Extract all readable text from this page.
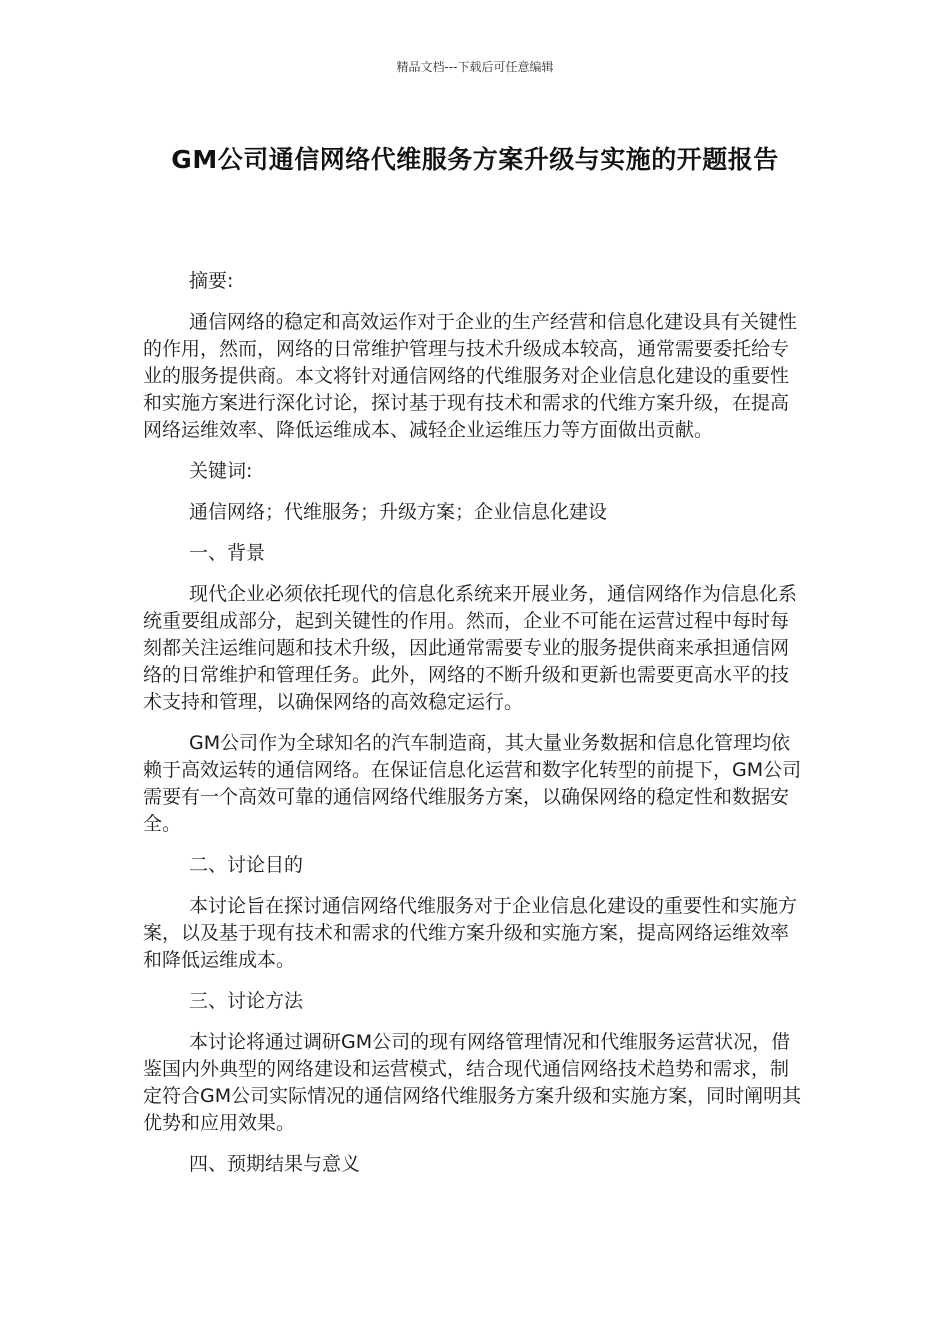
精品文档---下载后可任意编辑
GM公司通信网络代维服务方案升级与实施的开题报告

摘要:

通信网络的稳定和高效运作对于企业的生产经营和信息化建设具有关键性的作用，然而，网络的日常维护管理与技术升级成本较高，通常需要委托给专业的服务提供商。本文将针对通信网络的代维服务对企业信息化建设的重要性和实施方案进行深化讨论，探讨基于现有技术和需求的代维方案升级，在提高网络运维效率、降低运维成本、减轻企业运维压力等方面做出贡献。

关键词:

通信网络；代维服务；升级方案；企业信息化建设

一、背景

现代企业必须依托现代的信息化系统来开展业务，通信网络作为信息化系统重要组成部分，起到关键性的作用。然而，企业不可能在运营过程中每时每刻都关注运维问题和技术升级，因此通常需要专业的服务提供商来承担通信网络的日常维护和管理任务。此外，网络的不断升级和更新也需要更高水平的技术支持和管理，以确保网络的高效稳定运行。

GM公司作为全球知名的汽车制造商，其大量业务数据和信息化管理均依赖于高效运转的通信网络。在保证信息化运营和数字化转型的前提下，GM公司需要有一个高效可靠的通信网络代维服务方案，以确保网络的稳定性和数据安全。

二、讨论目的

本讨论旨在探讨通信网络代维服务对于企业信息化建设的重要性和实施方案，以及基于现有技术和需求的代维方案升级和实施方案，提高网络运维效率和降低运维成本。

三、讨论方法

本讨论将通过调研GM公司的现有网络管理情况和代维服务运营状况，借鉴国内外典型的网络建设和运营模式，结合现代通信网络技术趋势和需求，制定符合GM公司实际情况的通信网络代维服务方案升级和实施方案，同时阐明其优势和应用效果。

四、预期结果与意义
